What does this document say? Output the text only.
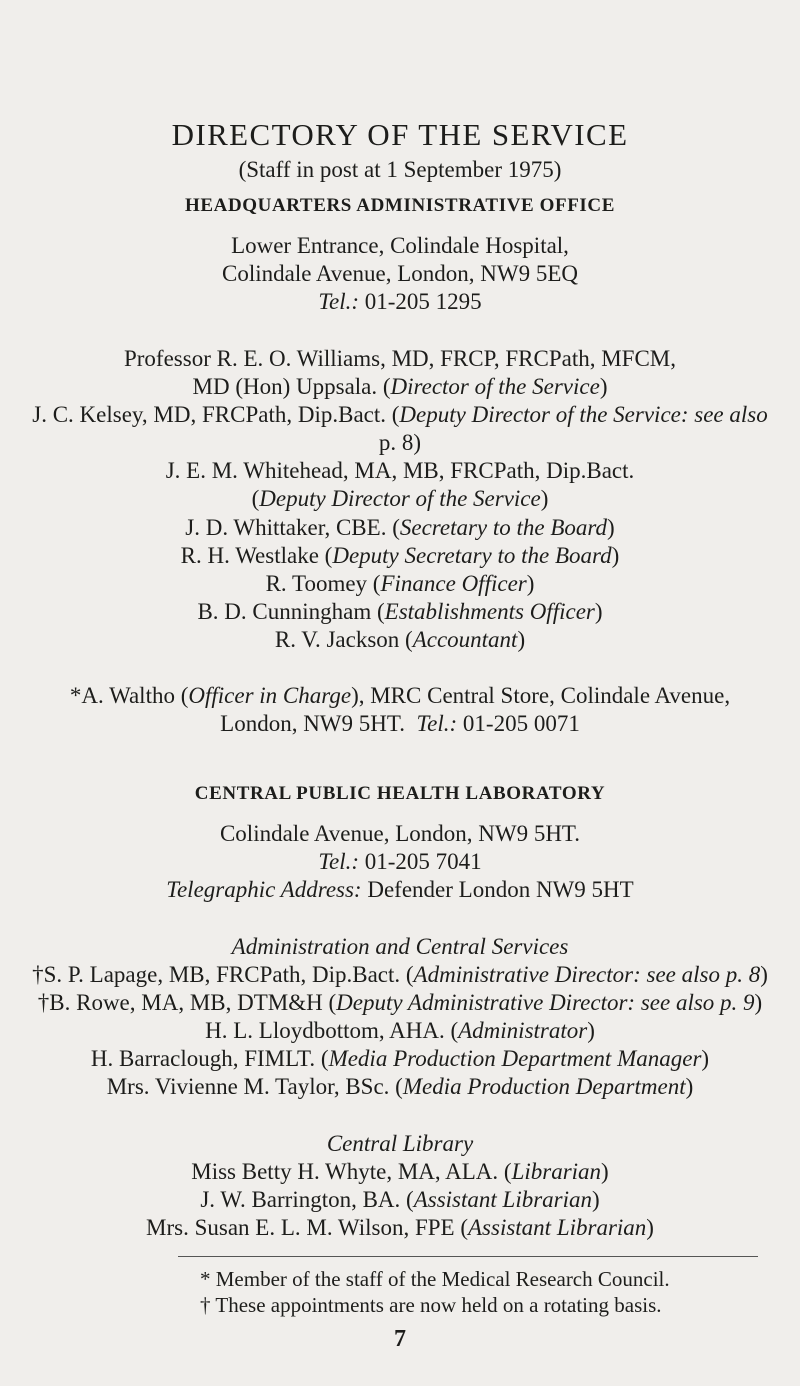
DIRECTORY OF THE SERVICE
(Staff in post at 1 September 1975)
HEADQUARTERS ADMINISTRATIVE OFFICE
Lower Entrance, Colindale Hospital,
Colindale Avenue, London, NW9 5EQ
Tel.: 01-205 1295
Professor R. E. O. Williams, MD, FRCP, FRCPath, MFCM,
MD (Hon) Uppsala. (Director of the Service)
J. C. Kelsey, MD, FRCPath, Dip.Bact. (Deputy Director of the Service: see also
p. 8)
J. E. M. Whitehead, MA, MB, FRCPath, Dip.Bact.
(Deputy Director of the Service)
J. D. Whittaker, CBE. (Secretary to the Board)
R. H. Westlake (Deputy Secretary to the Board)
R. Toomey (Finance Officer)
B. D. Cunningham (Establishments Officer)
R. V. Jackson (Accountant)
*A. Waltho (Officer in Charge), MRC Central Store, Colindale Avenue,
London, NW9 5HT. Tel.: 01-205 0071
CENTRAL PUBLIC HEALTH LABORATORY
Colindale Avenue, London, NW9 5HT.
Tel.: 01-205 7041
Telegraphic Address: Defender London NW9 5HT
Administration and Central Services
†S. P. Lapage, MB, FRCPath, Dip.Bact. (Administrative Director: see also p. 8)
†B. Rowe, MA, MB, DTM&H (Deputy Administrative Director: see also p. 9)
H. L. Lloydbottom, AHA. (Administrator)
H. Barraclough, FIMLT. (Media Production Department Manager)
Mrs. Vivienne M. Taylor, BSc. (Media Production Department)
Central Library
Miss Betty H. Whyte, MA, ALA. (Librarian)
J. W. Barrington, BA. (Assistant Librarian)
Mrs. Susan E. L. M. Wilson, FPE (Assistant Librarian)
* Member of the staff of the Medical Research Council.
† These appointments are now held on a rotating basis.
7
